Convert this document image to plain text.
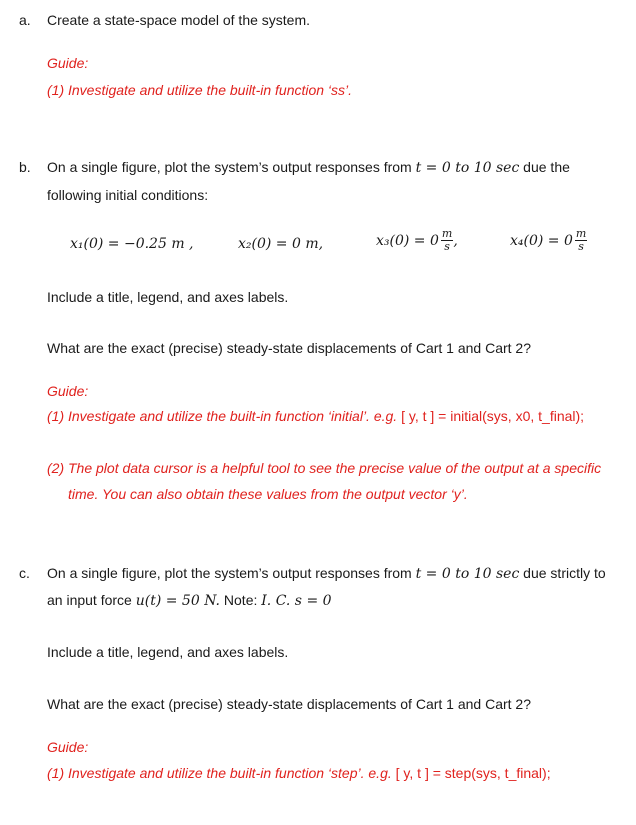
a. Create a state-space model of the system.
Guide:
(1) Investigate and utilize the built-in function ‘ss’.
b. On a single figure, plot the system’s output responses from t = 0 to 10 sec due the
following initial conditions:
x₁(0) = −0.25 m ,	x₂(0) = 0 m,	$x_3(0) = 0 \frac{m}{s}$ ,	$x_4(0) = 0 \frac{m}{s}$
Include a title, legend, and axes labels.
What are the exact (precise) steady-state displacements of Cart 1 and Cart 2?
Guide:
(1) Investigate and utilize the built-in function ‘initial’. e.g. [ y, t ] = initial(sys, x0, t_final);
(2) The plot data cursor is a helpful tool to see the precise value of the output at a specific
time. You can also obtain these values from the output vector ‘y’.
c. On a single figure, plot the system’s output responses from t = 0 to 10 sec due strictly to
an input force u(t) = 50 N. Note: I. C. s = 0
Include a title, legend, and axes labels.
What are the exact (precise) steady-state displacements of Cart 1 and Cart 2?
Guide:
(1) Investigate and utilize the built-in function ‘step’. e.g. [ y, t ] = step(sys, t_final);
